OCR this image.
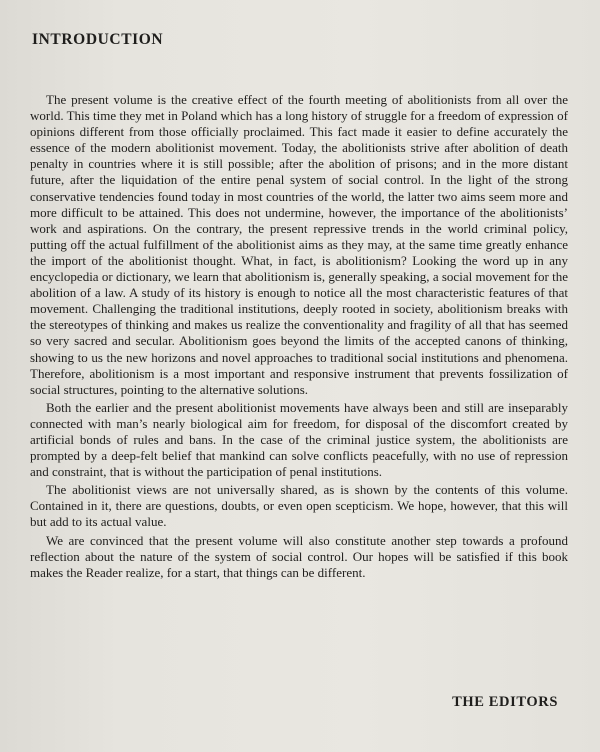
INTRODUCTION

The present volume is the creative effect of the fourth meeting of abolitionists from all over the world. This time they met in Poland which has a long history of struggle for a freedom of expression of opinions different from those officially proclaimed. This fact made it easier to define accurately the essence of the modern abolitionist movement. Today, the abolitionists strive after abolition of death penalty in countries where it is still possible; after the abolition of prisons; and in the more distant future, after the liquidation of the entire penal system of social control. In the light of the strong conservative tendencies found today in most countries of the world, the latter two aims seem more and more difficult to be attained. This does not undermine, however, the importance of the abolitionists’ work and aspirations. On the contrary, the present repressive trends in the world criminal policy, putting off the actual fulfillment of the abolitionist aims as they may, at the same time greatly enhance the import of the abolitionist thought. What, in fact, is abolitionism? Looking the word up in any encyclopedia or dictionary, we learn that abolitionism is, generally speaking, a social movement for the abolition of a law. A study of its history is enough to notice all the most characteristic features of that movement. Challenging the traditional institutions, deeply rooted in society, abolitionism breaks with the stereotypes of thinking and makes us realize the conventionality and fragility of all that has seemed so very sacred and secular. Abolitionism goes beyond the limits of the accepted canons of thinking, showing to us the new horizons and novel approaches to traditional social institutions and phenomena. Therefore, abolitionism is a most important and responsive instrument that prevents fossilization of social structures, pointing to the alternative solutions.

Both the earlier and the present abolitionist movements have always been and still are inseparably connected with man’s nearly biological aim for freedom, for disposal of the discomfort created by artificial bonds of rules and bans. In the case of the criminal justice system, the abolitionists are prompted by a deep-felt belief that mankind can solve conflicts peacefully, with no use of repression and constraint, that is without the participation of penal institutions.

The abolitionist views are not universally shared, as is shown by the contents of this volume. Contained in it, there are questions, doubts, or even open scepticism. We hope, however, that this will but add to its actual value.

We are convinced that the present volume will also constitute another step towards a profound reflection about the nature of the system of social control. Our hopes will be satisfied if this book makes the Reader realize, for a start, that things can be different.

THE EDITORS
